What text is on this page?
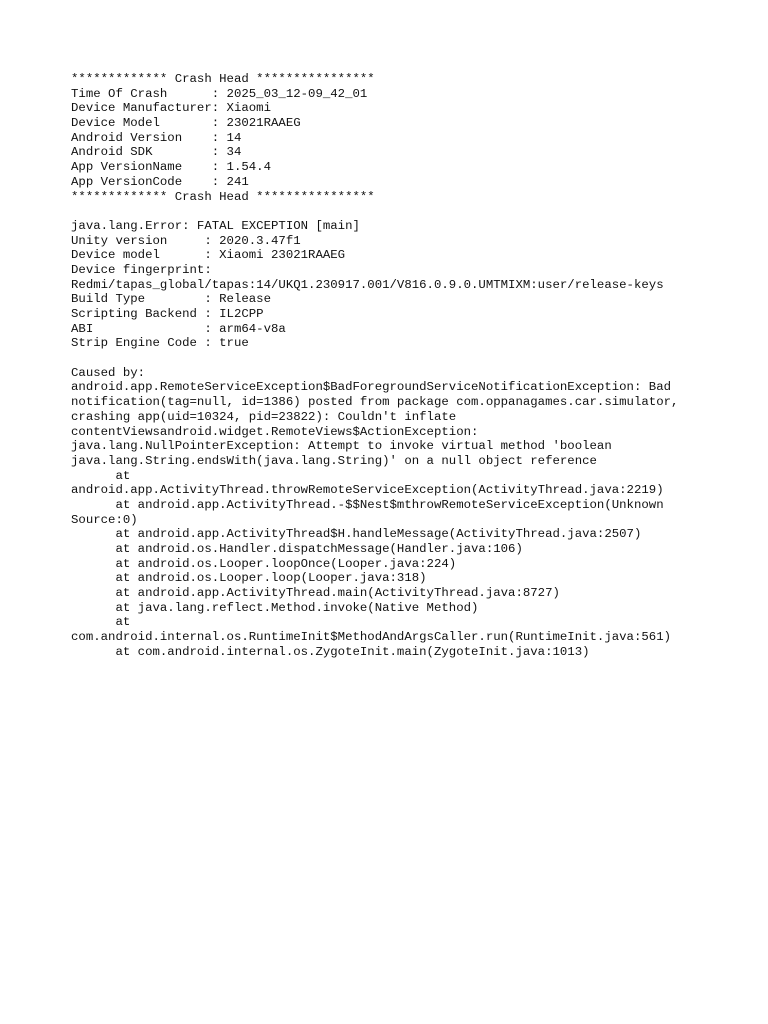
************* Crash Head ****************
Time Of Crash      : 2025_03_12-09_42_01
Device Manufacturer: Xiaomi
Device Model       : 23021RAAEG
Android Version    : 14
Android SDK        : 34
App VersionName    : 1.54.4
App VersionCode    : 241
************* Crash Head ****************
java.lang.Error: FATAL EXCEPTION [main]
Unity version     : 2020.3.47f1
Device model      : Xiaomi 23021RAAEG
Device fingerprint:
Redmi/tapas_global/tapas:14/UKQ1.230917.001/V816.0.9.0.UMTMIXM:user/release-keys
Build Type        : Release
Scripting Backend : IL2CPP
ABI               : arm64-v8a
Strip Engine Code : true
Caused by:
android.app.RemoteServiceException$BadForegroundServiceNotificationException: Bad
notification(tag=null, id=1386) posted from package com.oppanagames.car.simulator,
crashing app(uid=10324, pid=23822): Couldn't inflate
contentViewsandroid.widget.RemoteViews$ActionException:
java.lang.NullPointerException: Attempt to invoke virtual method 'boolean
java.lang.String.endsWith(java.lang.String)' on a null object reference
at
android.app.ActivityThread.throwRemoteServiceException(ActivityThread.java:2219)
at android.app.ActivityThread.-$$Nest$mthrowRemoteServiceException(Unknown
Source:0)
at android.app.ActivityThread$H.handleMessage(ActivityThread.java:2507)
at android.os.Handler.dispatchMessage(Handler.java:106)
at android.os.Looper.loopOnce(Looper.java:224)
at android.os.Looper.loop(Looper.java:318)
at android.app.ActivityThread.main(ActivityThread.java:8727)
at java.lang.reflect.Method.invoke(Native Method)
at
com.android.internal.os.RuntimeInit$MethodAndArgsCaller.run(RuntimeInit.java:561)
at com.android.internal.os.ZygoteInit.main(ZygoteInit.java:1013)
